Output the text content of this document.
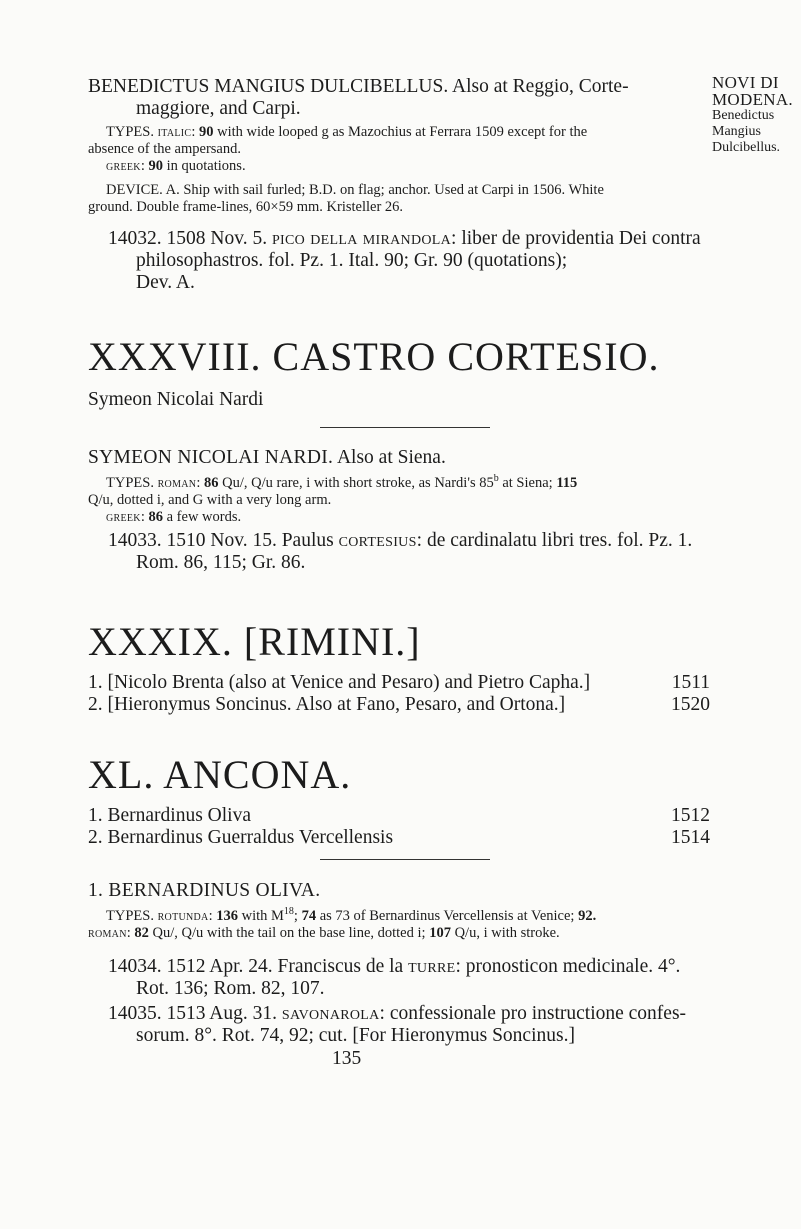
NOVI DI
MODENA.
Benedictus
Mangius
Dulcibellus.
BENEDICTUS MANGIUS DULCIBELLUS. Also at Reggio, Corte-
maggiore, and Carpi.
TYPES. italic: 90 with wide looped g as Mazochius at Ferrara 1509 except for the
absence of the ampersand.
greek: 90 in quotations.
DEVICE. A. Ship with sail furled; B.D. on flag; anchor. Used at Carpi in 1506. White
ground. Double frame-lines, 60×59 mm. Kristeller 26.
14032. 1508 Nov. 5. pico della mirandola: liber de providentia Dei contra
philosophastros. fol. Pz. 1. Ital. 90; Gr. 90 (quotations);
Dev. A.
XXXVIII. CASTRO CORTESIO.
Symeon Nicolai Nardi
SYMEON NICOLAI NARDI. Also at Siena.
TYPES. roman: 86 Qu/, Q/u rare, i with short stroke, as Nardi's 85$^b$ at Siena; 115
Q/u, dotted i, and G with a very long arm.
greek: 86 a few words.
14033. 1510 Nov. 15. Paulus cortesius: de cardinalatu libri tres. fol. Pz. 1.
Rom. 86, 115; Gr. 86.
XXXIX. [RIMINI.]
1. [Nicolo Brenta (also at Venice and Pesaro) and Pietro Capha.]	1511
2. [Hieronymus Soncinus. Also at Fano, Pesaro, and Ortona.]	1520
XL. ANCONA.
1. Bernardinus Oliva	1512
2. Bernardinus Guerraldus Vercellensis	1514
1. BERNARDINUS OLIVA.
TYPES. rotunda: 136 with $M^{18}$; 74 as 73 of Bernardinus Vercellensis at Venice; 92.
roman: 82 Qu/, Q/u with the tail on the base line, dotted i; 107 Q/u, i with stroke.
14034. 1512 Apr. 24. Franciscus de la turre: pronosticon medicinale. 4°.
Rot. 136; Rom. 82, 107.
14035. 1513 Aug. 31. savonarola: confessionale pro instructione confes-
sorum. 8°. Rot. 74, 92; cut. [For Hieronymus Soncinus.]
135
